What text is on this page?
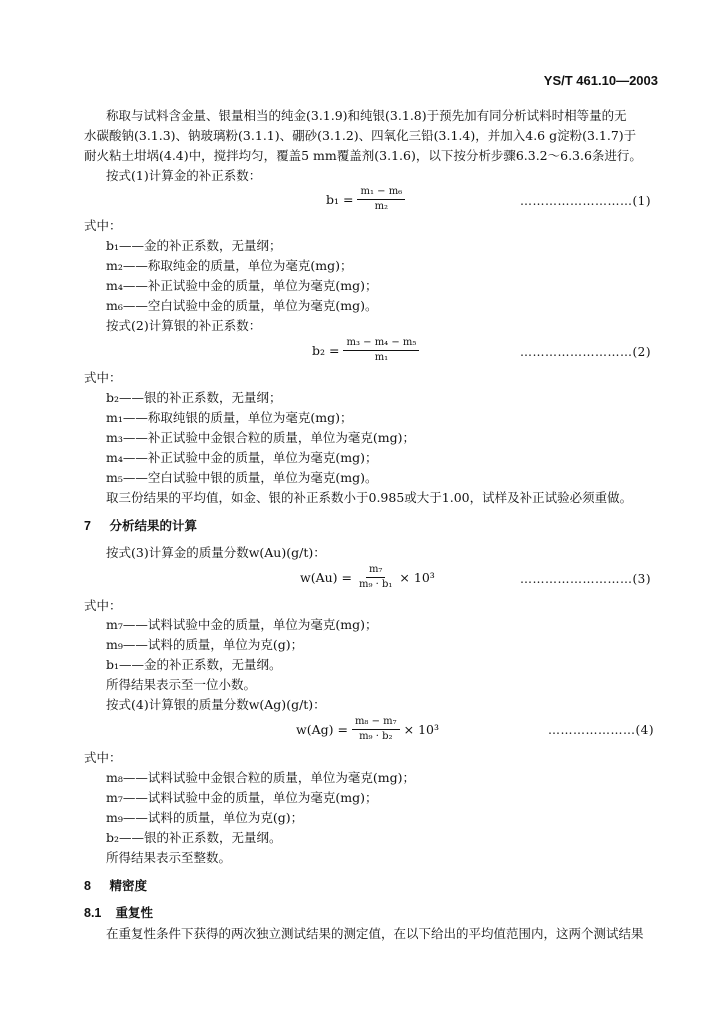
YS/T 461.10—2003
称取与试料含金量、银量相当的纯金(3.1.9)和纯银(3.1.8)于预先加有同分析试料时相等量的无
水碳酸钠(3.1.3)、钠玻璃粉(3.1.1)、硼砂(3.1.2)、四氧化三铅(3.1.4)，并加入4.6 g淀粉(3.1.7)于
耐火粘土坩埚(4.4)中，搅拌均匀，覆盖5 mm覆盖剂(3.1.6)，以下按分析步骤6.3.2～6.3.6条进行。
按式(1)计算金的补正系数：
$b_1 = \frac{\text{m₁ − m₆}}{\text{m₂}}$	………………………(1)
式中：
b₁——金的补正系数，无量纲；
m₂——称取纯金的质量，单位为毫克(mg)；
m₄——补正试验中金的质量，单位为毫克(mg)；
m₆——空白试验中金的质量，单位为毫克(mg)。
按式(2)计算银的补正系数：
$b_2 = \frac{\text{m₃ − m₄ − m₅}}{\text{m₁}}$	………………………(2)
式中：
b₂——银的补正系数，无量纲；
m₁——称取纯银的质量，单位为毫克(mg)；
m₃——补正试验中金银合粒的质量，单位为毫克(mg)；
m₄——补正试验中金的质量，单位为毫克(mg)；
m₅——空白试验中银的质量，单位为毫克(mg)。
取三份结果的平均值，如金、银的补正系数小于0.985或大于1.00，试样及补正试验必须重做。
7 分析结果的计算
按式(3)计算金的质量分数w(Au)(g/t)：
$w(Au) = \frac{\text{m₇}}{\text{m₉ · b₁}} \times 10^3$	………………………(3)
式中：
m₇——试料试验中金的质量，单位为毫克(mg)；
m₉——试料的质量，单位为克(g)；
b₁——金的补正系数，无量纲。
所得结果表示至一位小数。
按式(4)计算银的质量分数w(Ag)(g/t)：
$w(Ag) = \frac{\text{m₈ − m₇}}{\text{m₉ · b₂}} \times 10^3$	…………………(4)
式中：
m₈——试料试验中金银合粒的质量，单位为毫克(mg)；
m₇——试料试验中金的质量，单位为毫克(mg)；
m₉——试料的质量，单位为克(g)；
b₂——银的补正系数，无量纲。
所得结果表示至整数。
8 精密度
8.1 重复性
在重复性条件下获得的两次独立测试结果的测定值，在以下给出的平均值范围内，这两个测试结果
